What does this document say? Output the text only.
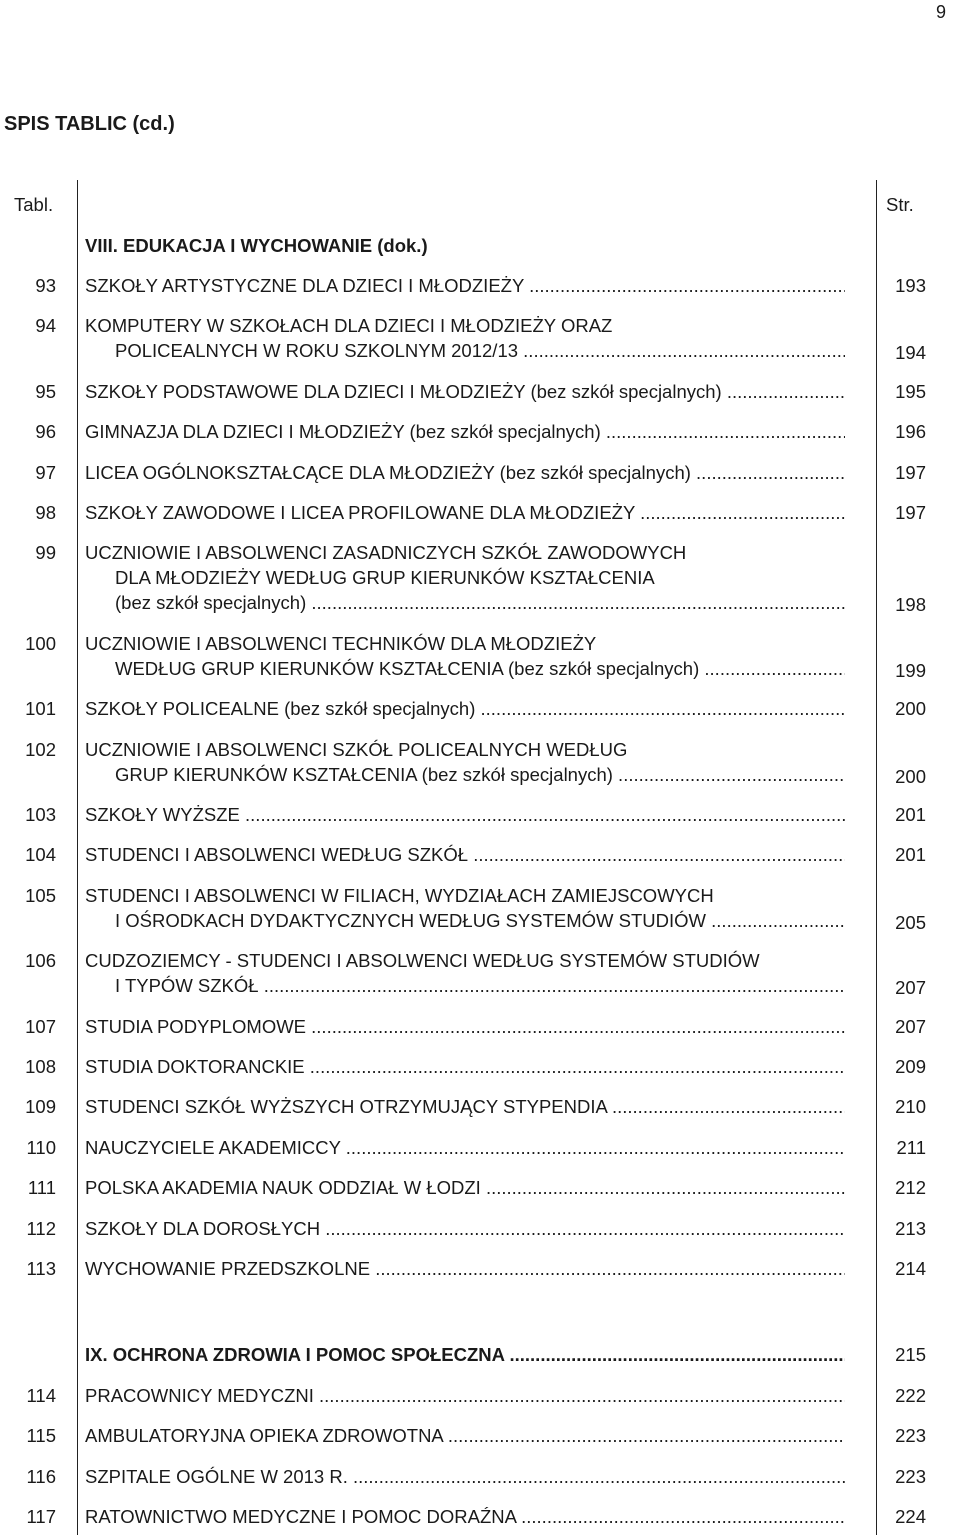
9
SPIS TABLIC (cd.)
Tabl.	Str.
VIII. EDUKACJA I WYCHOWANIE (dok.)
93 SZKOŁY ARTYSTYCZNE DLA DZIECI I MŁODZIEŻY .....	193
94 KOMPUTERY W SZKOŁACH DLA DZIECI I MŁODZIEŻY ORAZ
POLICEALNYCH W ROKU SZKOLNYM 2012/13 .....	194
95 SZKOŁY PODSTAWOWE DLA DZIECI I MŁODZIEŻY (bez szkół specjalnych) .....	195
96 GIMNAZJA DLA DZIECI I MŁODZIEŻY (bez szkół specjalnych) .....	196
97 LICEA OGÓLNOKSZTAŁCĄCE DLA MŁODZIEŻY (bez szkół specjalnych) .....	197
98 SZKOŁY ZAWODOWE I LICEA PROFILOWANE DLA MŁODZIEŻY .....	197
99 UCZNIOWIE I ABSOLWENCI ZASADNICZYCH SZKÓŁ ZAWODOWYCH
DLA MŁODZIEŻY WEDŁUG GRUP KIERUNKÓW KSZTAŁCENIA
(bez szkół specjalnych) .....	198
100 UCZNIOWIE I ABSOLWENCI TECHNIKÓW DLA MŁODZIEŻY
WEDŁUG GRUP KIERUNKÓW KSZTAŁCENIA (bez szkół specjalnych) .....	199
101 SZKOŁY POLICEALNE (bez szkół specjalnych) .....	200
102 UCZNIOWIE I ABSOLWENCI SZKÓŁ POLICEALNYCH WEDŁUG
GRUP KIERUNKÓW KSZTAŁCENIA (bez szkół specjalnych) .....	200
103 SZKOŁY WYŻSZE .....	201
104 STUDENCI I ABSOLWENCI WEDŁUG SZKÓŁ .....	201
105 STUDENCI I ABSOLWENCI W FILIACH, WYDZIAŁACH ZAMIEJSCOWYCH
I OŚRODKACH DYDAKTYCZNYCH WEDŁUG SYSTEMÓW STUDIÓW .....	205
106 CUDZOZIEMCY - STUDENCI I ABSOLWENCI WEDŁUG SYSTEMÓW STUDIÓW
I TYPÓW SZKÓŁ .....	207
107 STUDIA PODYPLOMOWE .....	207
108 STUDIA DOKTORANCKIE .....	209
109 STUDENCI SZKÓŁ WYŻSZYCH OTRZYMUJĄCY STYPENDIA .....	210
110 NAUCZYCIELE AKADEMICCY .....	211
111 POLSKA AKADEMIA NAUK ODDZIAŁ W ŁODZI .....	212
112 SZKOŁY DLA DOROSŁYCH .....	213
113 WYCHOWANIE PRZEDSZKOLNE .....	214
IX. OCHRONA ZDROWIA I POMOC SPOŁECZNA .....	215
114 PRACOWNICY MEDYCZNI .....	222
115 AMBULATORYJNA OPIEKA ZDROWOTNA .....	223
116 SZPITALE OGÓLNE W 2013 R. .....	223
117 RATOWNICTWO MEDYCZNE I POMOC DORAŹNA .....	224
